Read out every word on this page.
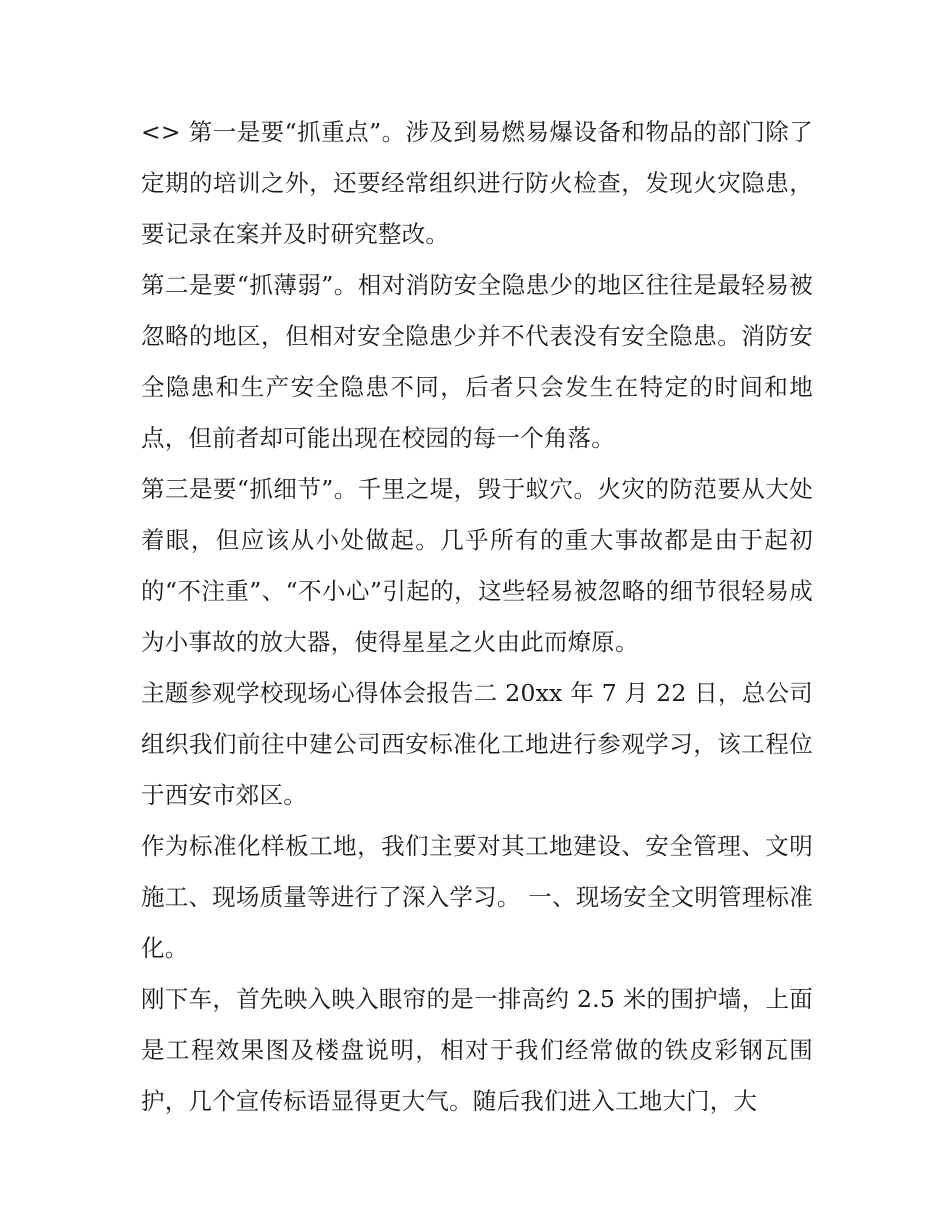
<> 第一是要“抓重点”。涉及到易燃易爆设备和物品的部门除了定期的培训之外，还要经常组织进行防火检查，发现火灾隐患，要记录在案并及时研究整改。

第二是要“抓薄弱”。相对消防安全隐患少的地区往往是最轻易被忽略的地区，但相对安全隐患少并不代表没有安全隐患。消防安全隐患和生产安全隐患不同，后者只会发生在特定的时间和地点，但前者却可能出现在校园的每一个角落。

第三是要“抓细节”。千里之堤，毁于蚁穴。火灾的防范要从大处着眼，但应该从小处做起。几乎所有的重大事故都是由于起初的“不注重”、“不小心”引起的，这些轻易被忽略的细节很轻易成为小事故的放大器，使得星星之火由此而燎原。

主题参观学校现场心得体会报告二 20xx 年 7 月 22 日，总公司组织我们前往中建公司西安标准化工地进行参观学习，该工程位于西安市郊区。

作为标准化样板工地，我们主要对其工地建设、安全管理、文明施工、现场质量等进行了深入学习。 一、现场安全文明管理标准化。

刚下车，首先映入映入眼帘的是一排高约 2.5 米的围护墙，上面是工程效果图及楼盘说明，相对于我们经常做的铁皮彩钢瓦围护，几个宣传标语显得更大气。随后我们进入工地大门，大
